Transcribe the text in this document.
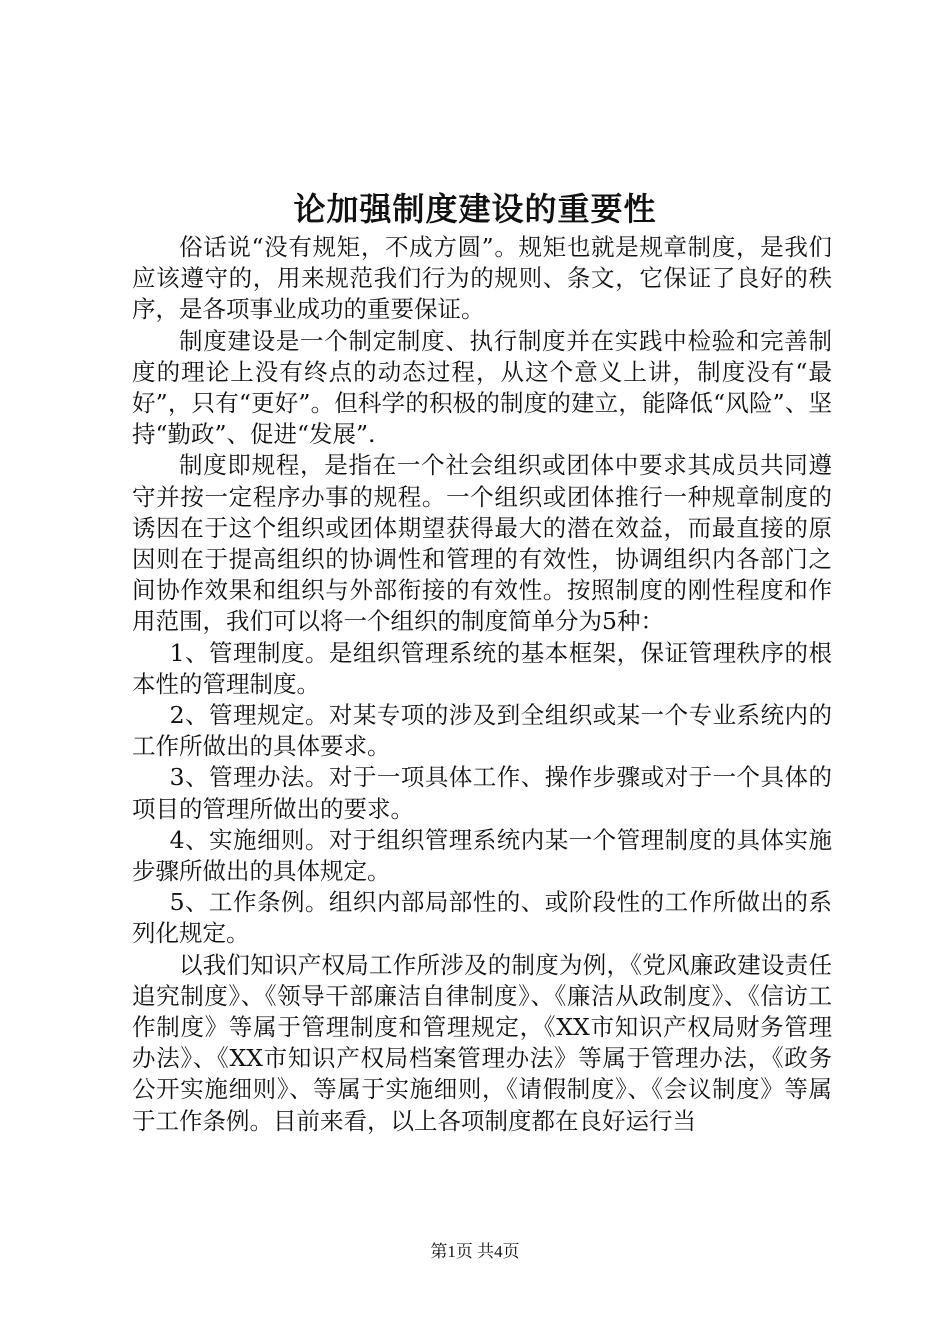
论加强制度建设的重要性

俗话说“没有规矩，不成方圆”。规矩也就是规章制度，是我们应该遵守的，用来规范我们行为的规则、条文，它保证了良好的秩序，是各项事业成功的重要保证。

制度建设是一个制定制度、执行制度并在实践中检验和完善制度的理论上没有终点的动态过程，从这个意义上讲，制度没有“最好”，只有“更好”。但科学的积极的制度的建立，能降低“风险”、坚持“勤政”、促进“发展”.

制度即规程，是指在一个社会组织或团体中要求其成员共同遵守并按一定程序办事的规程。一个组织或团体推行一种规章制度的诱因在于这个组织或团体期望获得最大的潜在效益，而最直接的原因则在于提高组织的协调性和管理的有效性，协调组织内各部门之间协作效果和组织与外部衔接的有效性。按照制度的刚性程度和作用范围，我们可以将一个组织的制度简单分为5种：

1、管理制度。是组织管理系统的基本框架，保证管理秩序的根本性的管理制度。

2、管理规定。对某专项的涉及到全组织或某一个专业系统内的工作所做出的具体要求。

3、管理办法。对于一项具体工作、操作步骤或对于一个具体的项目的管理所做出的要求。

4、实施细则。对于组织管理系统内某一个管理制度的具体实施步骤所做出的具体规定。

5、工作条例。组织内部局部性的、或阶段性的工作所做出的系列化规定。

以我们知识产权局工作所涉及的制度为例，《党风廉政建设责任追究制度》、《领导干部廉洁自律制度》、《廉洁从政制度》、《信访工作制度》等属于管理制度和管理规定，《XX市知识产权局财务管理办法》、《XX市知识产权局档案管理办法》等属于管理办法，《政务公开实施细则》、等属于实施细则，《请假制度》、《会议制度》等属于工作条例。目前来看，以上各项制度都在良好运行当

第1页 共4页
